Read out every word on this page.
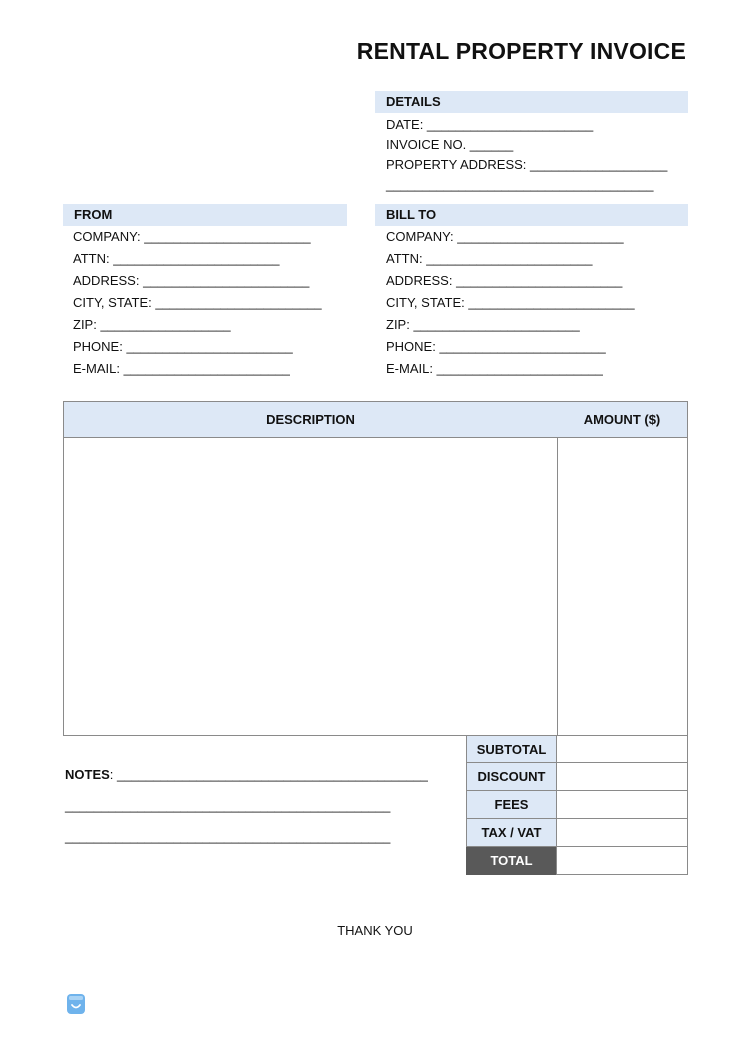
RENTAL PROPERTY INVOICE
DETAILS
DATE: _______________________
INVOICE NO. ______
PROPERTY ADDRESS: ___________________
_____________________________________
FROM
COMPANY: _______________________
ATTN: _______________________
ADDRESS: _______________________
CITY, STATE: _______________________
ZIP: __________________
PHONE: _______________________
E-MAIL: _______________________
BILL TO
COMPANY: _______________________
ATTN: _______________________
ADDRESS: _______________________
CITY, STATE: _______________________
ZIP: _______________________
PHONE: _______________________
E-MAIL: _______________________
DESCRIPTION	AMOUNT ($)
SUBTOTAL
DISCOUNT
FEES
TAX / VAT
TOTAL
NOTES: ___________________________________________
_____________________________________________
_____________________________________________
THANK YOU
